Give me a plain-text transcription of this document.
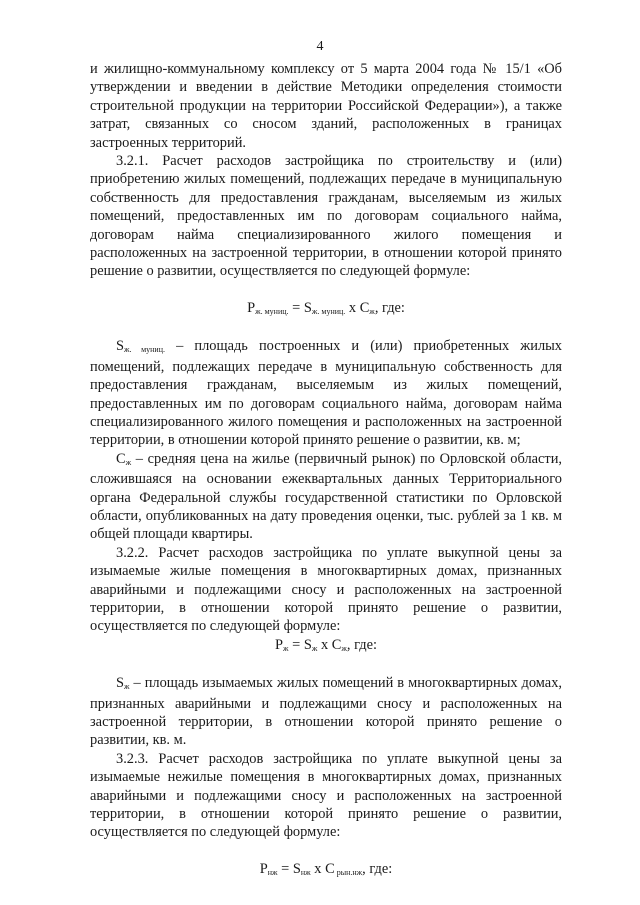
4

и жилищно-коммунальному комплексу от 5 марта 2004 года № 15/1 «Об утверждении и введении в действие Методики определения стоимости строительной продукции на территории Российской Федерации»), а также затрат, связанных со сносом зданий, расположенных в границах застроенных территорий.

3.2.1. Расчет расходов застройщика по строительству и (или) приобретению жилых помещений, подлежащих передаче в муниципальную собственность для предоставления гражданам, выселяемым из жилых помещений, предоставленных им по договорам социального найма, договорам найма специализированного жилого помещения и расположенных на застроенной территории, в отношении которой принято решение о развитии, осуществляется по следующей формуле:

$Р_{ж. муниц.} = S_{ж. муниц.}$ х $С_ж$, где:

$S_{ж. муниц.}$ – площадь построенных и (или) приобретенных жилых помещений, подлежащих передаче в муниципальную собственность для предоставления гражданам, выселяемым из жилых помещений, предоставленных им по договорам социального найма, договорам найма специализированного жилого помещения и расположенных на застроенной территории, в отношении которой принято решение о развитии, кв. м;

$С_ж$ – средняя цена на жилье (первичный рынок) по Орловской области, сложившаяся на основании ежеквартальных данных Территориального органа Федеральной службы государственной статистики по Орловской области, опубликованных на дату проведения оценки, тыс. рублей за 1 кв. м общей площади квартиры.

3.2.2. Расчет расходов застройщика по уплате выкупной цены за изымаемые жилые помещения в многоквартирных домах, признанных аварийными и подлежащими сносу и расположенных на застроенной территории, в отношении которой принято решение о развитии, осуществляется по следующей формуле:

$Р_ж = S_ж$ х $С_ж$, где:

$S_ж$ – площадь изымаемых жилых помещений в многоквартирных домах, признанных аварийными и подлежащими сносу и расположенных на застроенной территории, в отношении которой принято решение о развитии, кв. м.

3.2.3. Расчет расходов застройщика по уплате выкупной цены за изымаемые нежилые помещения в многоквартирных домах, признанных аварийными и подлежащими сносу и расположенных на застроенной территории, в отношении которой принято решение о развитии, осуществляется по следующей формуле:

$Р_{нж} = S_{нж}$ х С $_{рын.нж}$, где:
